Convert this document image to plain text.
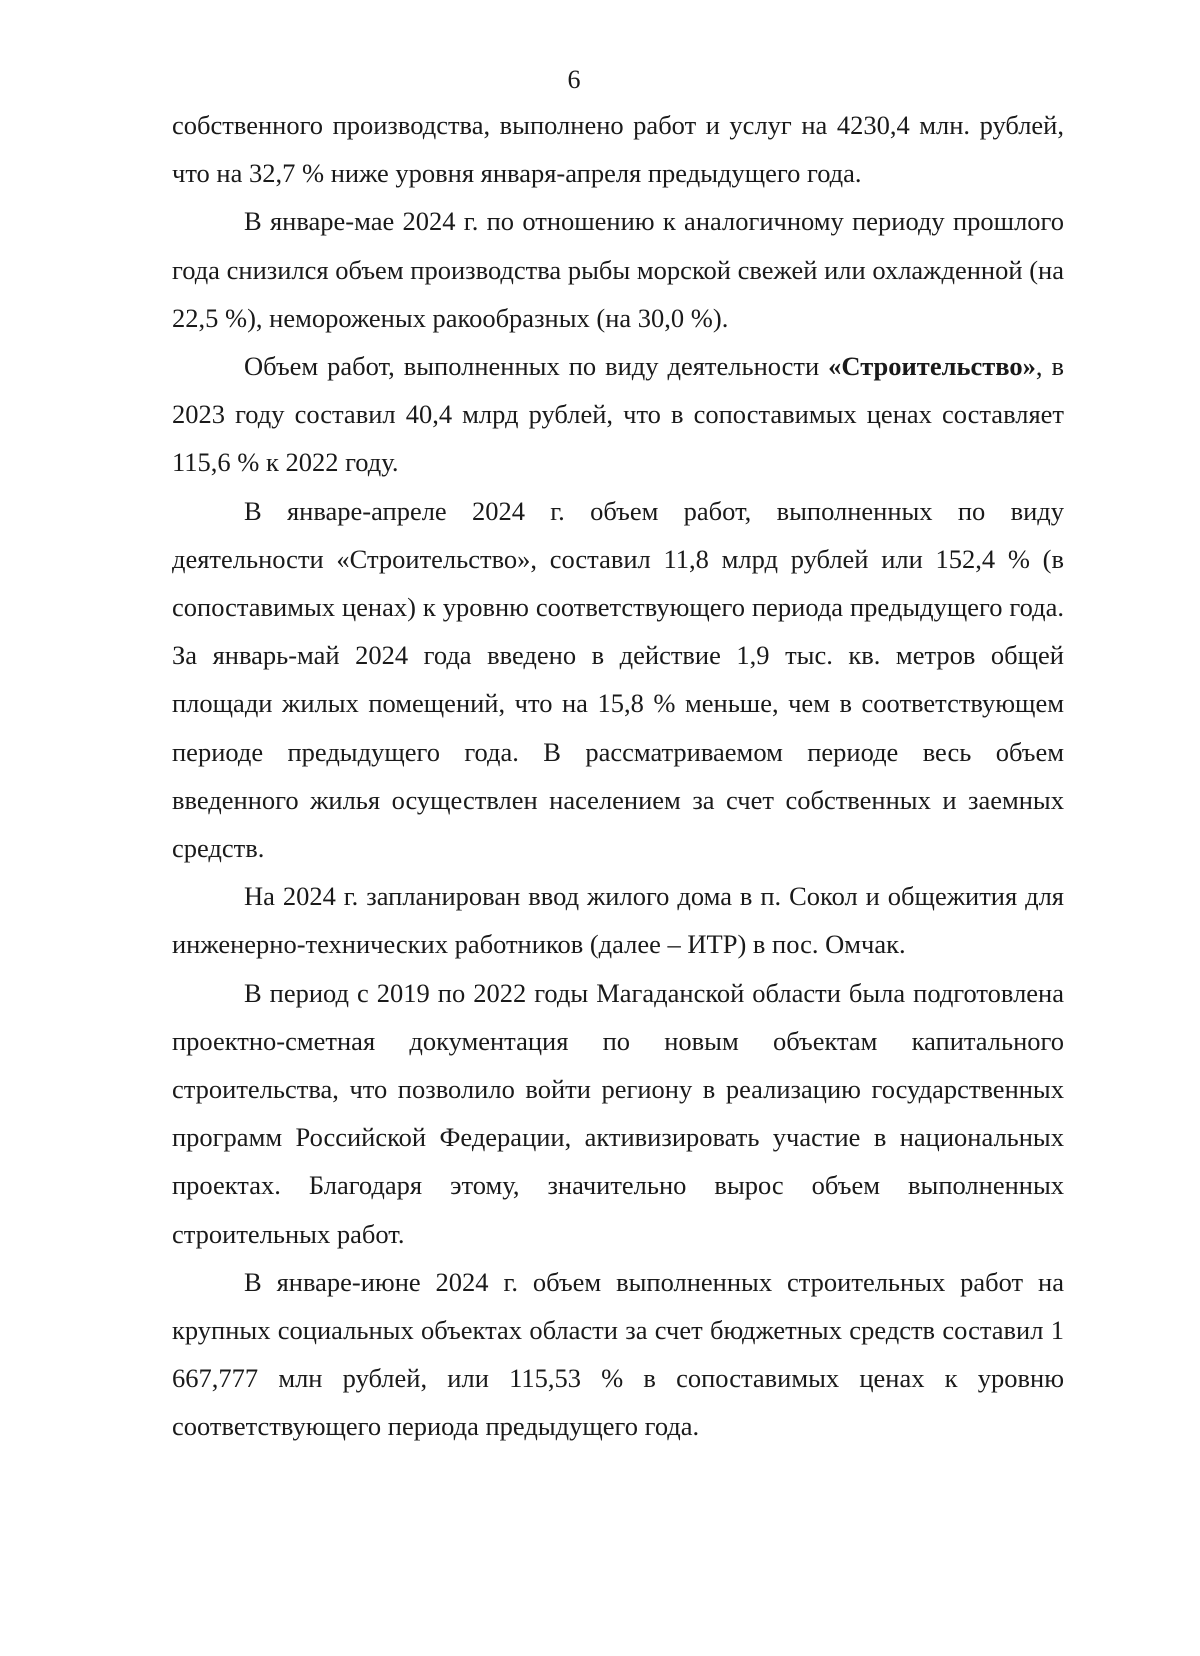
6

собственного производства, выполнено работ и услуг на 4230,4 млн. рублей, что на 32,7 % ниже уровня января-апреля предыдущего года.

В январе-мае 2024 г. по отношению к аналогичному периоду прошлого года снизился объем производства рыбы морской свежей или охлажденной (на 22,5 %), немороженых ракообразных (на 30,0 %).

Объем работ, выполненных по виду деятельности «Строительство», в 2023 году составил 40,4 млрд рублей, что в сопоставимых ценах составляет 115,6 % к 2022 году.

В январе-апреле 2024 г. объем работ, выполненных по виду деятельности «Строительство», составил 11,8 млрд рублей или 152,4 % (в сопоставимых ценах) к уровню соответствующего периода предыдущего года. За январь-май 2024 года введено в действие 1,9 тыс. кв. метров общей площади жилых помещений, что на 15,8 % меньше, чем в соответствующем периоде предыдущего года. В рассматриваемом периоде весь объем введенного жилья осуществлен населением за счет собственных и заемных средств.

На 2024 г. запланирован ввод жилого дома в п. Сокол и общежития для инженерно-технических работников (далее – ИТР) в пос. Омчак.

В период с 2019 по 2022 годы Магаданской области была подготовлена проектно-сметная документация по новым объектам капитального строительства, что позволило войти региону в реализацию государственных программ Российской Федерации, активизировать участие в национальных проектах. Благодаря этому, значительно вырос объем выполненных строительных работ.

В январе-июне 2024 г. объем выполненных строительных работ на крупных социальных объектах области за счет бюджетных средств составил 1 667,777 млн рублей, или 115,53 % в сопоставимых ценах к уровню соответствующего периода предыдущего года.
